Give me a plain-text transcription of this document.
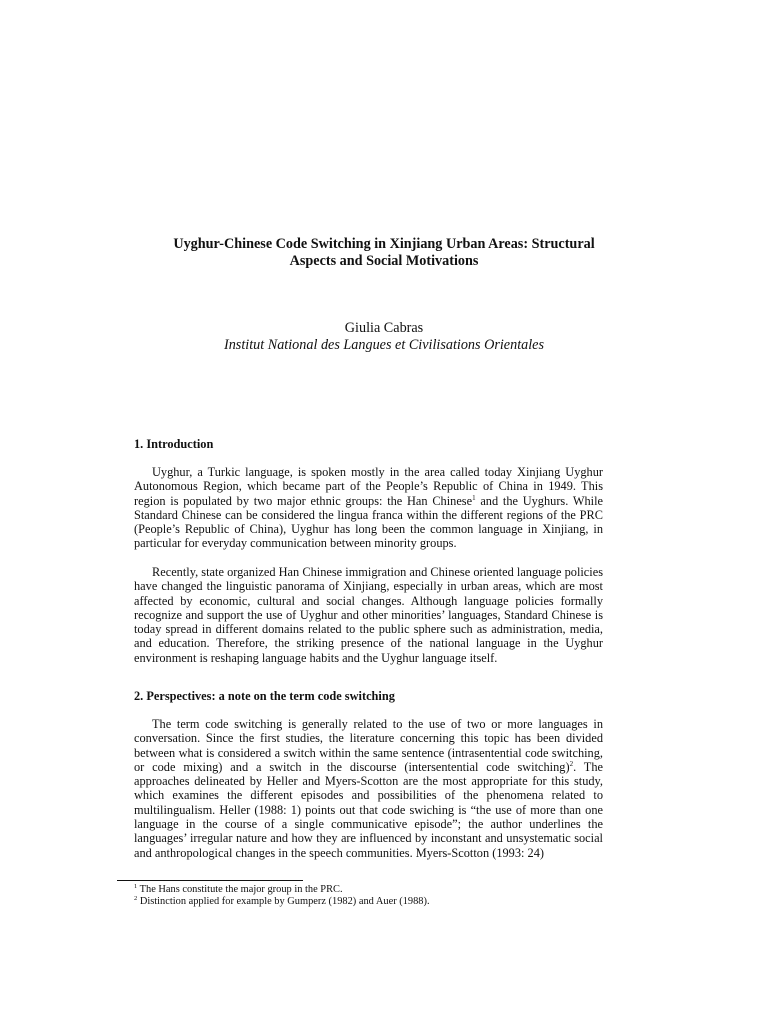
Uyghur-Chinese Code Switching in Xinjiang Urban Areas: Structural
Aspects and Social Motivations
Giulia Cabras
Institut National des Langues et Civilisations Orientales
1. Introduction

Uyghur, a Turkic language, is spoken mostly in the area called today Xinjiang Uyghur Autonomous Region, which became part of the People’s Republic of China in 1949. This region is populated by two major ethnic groups: the Han Chinese$^1$ and the Uyghurs. While Standard Chinese can be considered the lingua franca within the different regions of the PRC (People’s Republic of China), Uyghur has long been the common language in Xinjiang, in particular for everyday communication between minority groups.

Recently, state organized Han Chinese immigration and Chinese oriented language policies have changed the linguistic panorama of Xinjiang, especially in urban areas, which are most affected by economic, cultural and social changes. Although language policies formally recognize and support the use of Uyghur and other minorities’ languages, Standard Chinese is today spread in different domains related to the public sphere such as administration, media, and education. Therefore, the striking presence of the national language in the Uyghur environment is reshaping language habits and the Uyghur language itself.

2. Perspectives: a note on the term code switching

The term code switching is generally related to the use of two or more languages in conversation. Since the first studies, the literature concerning this topic has been divided between what is considered a switch within the same sentence (intrasentential code switching, or code mixing) and a switch in the discourse (intersentential code switching)$^2$. The approaches delineated by Heller and Myers-Scotton are the most appropriate for this study, which examines the different episodes and possibilities of the phenomena related to multilingualism. Heller (1988: 1) points out that code swiching is “the use of more than one language in the course of a single communicative episode”; the author underlines the languages’ irregular nature and how they are influenced by inconstant and unsystematic social and anthropological changes in the speech communities. Myers-Scotton (1993: 24)

$^1$ The Hans constitute the major group in the PRC.

$^2$ Distinction applied for example by Gumperz (1982) and Auer (1988).
